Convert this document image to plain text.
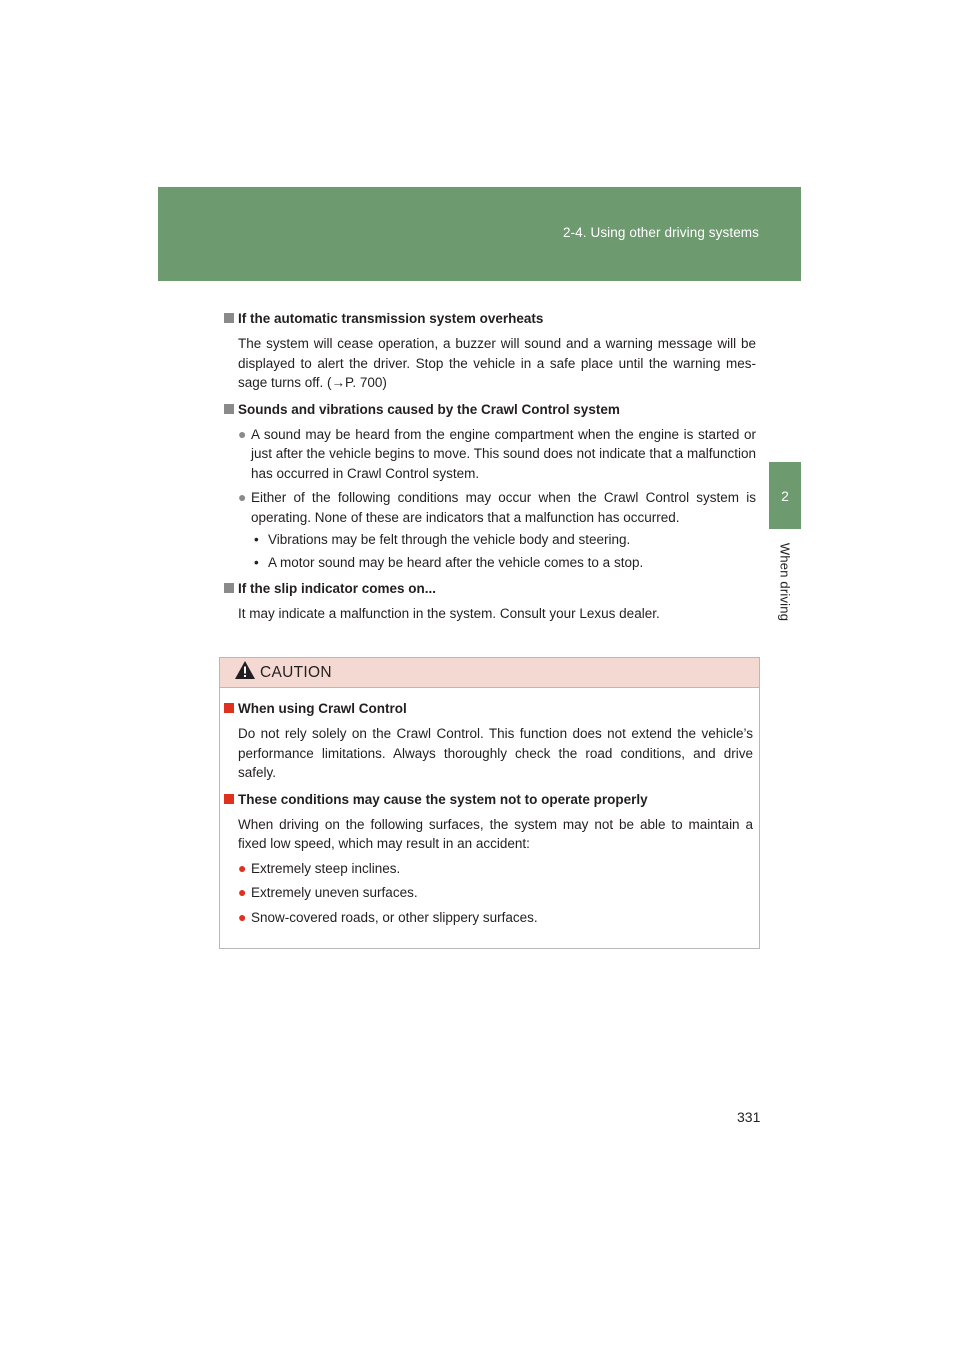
2-4. Using other driving systems
2
When driving
If the automatic transmission system overheats
The system will cease operation, a buzzer will sound and a warning message will be displayed to alert the driver. Stop the vehicle in a safe place until the warning mes-sage turns off. (→P. 700)
Sounds and vibrations caused by the Crawl Control system
● A sound may be heard from the engine compartment when the engine is started or just after the vehicle begins to move. This sound does not indicate that a malfunction has occurred in Crawl Control system.
● Either of the following conditions may occur when the Crawl Control system is operating. None of these are indicators that a malfunction has occurred.
• Vibrations may be felt through the vehicle body and steering.
• A motor sound may be heard after the vehicle comes to a stop.
If the slip indicator comes on...
It may indicate a malfunction in the system. Consult your Lexus dealer.
CAUTION
When using Crawl Control
Do not rely solely on the Crawl Control. This function does not extend the vehicle’s performance limitations. Always thoroughly check the road conditions, and drive safely.
These conditions may cause the system not to operate properly
When driving on the following surfaces, the system may not be able to maintain a fixed low speed, which may result in an accident:
● Extremely steep inclines.
● Extremely uneven surfaces.
● Snow-covered roads, or other slippery surfaces.
331
